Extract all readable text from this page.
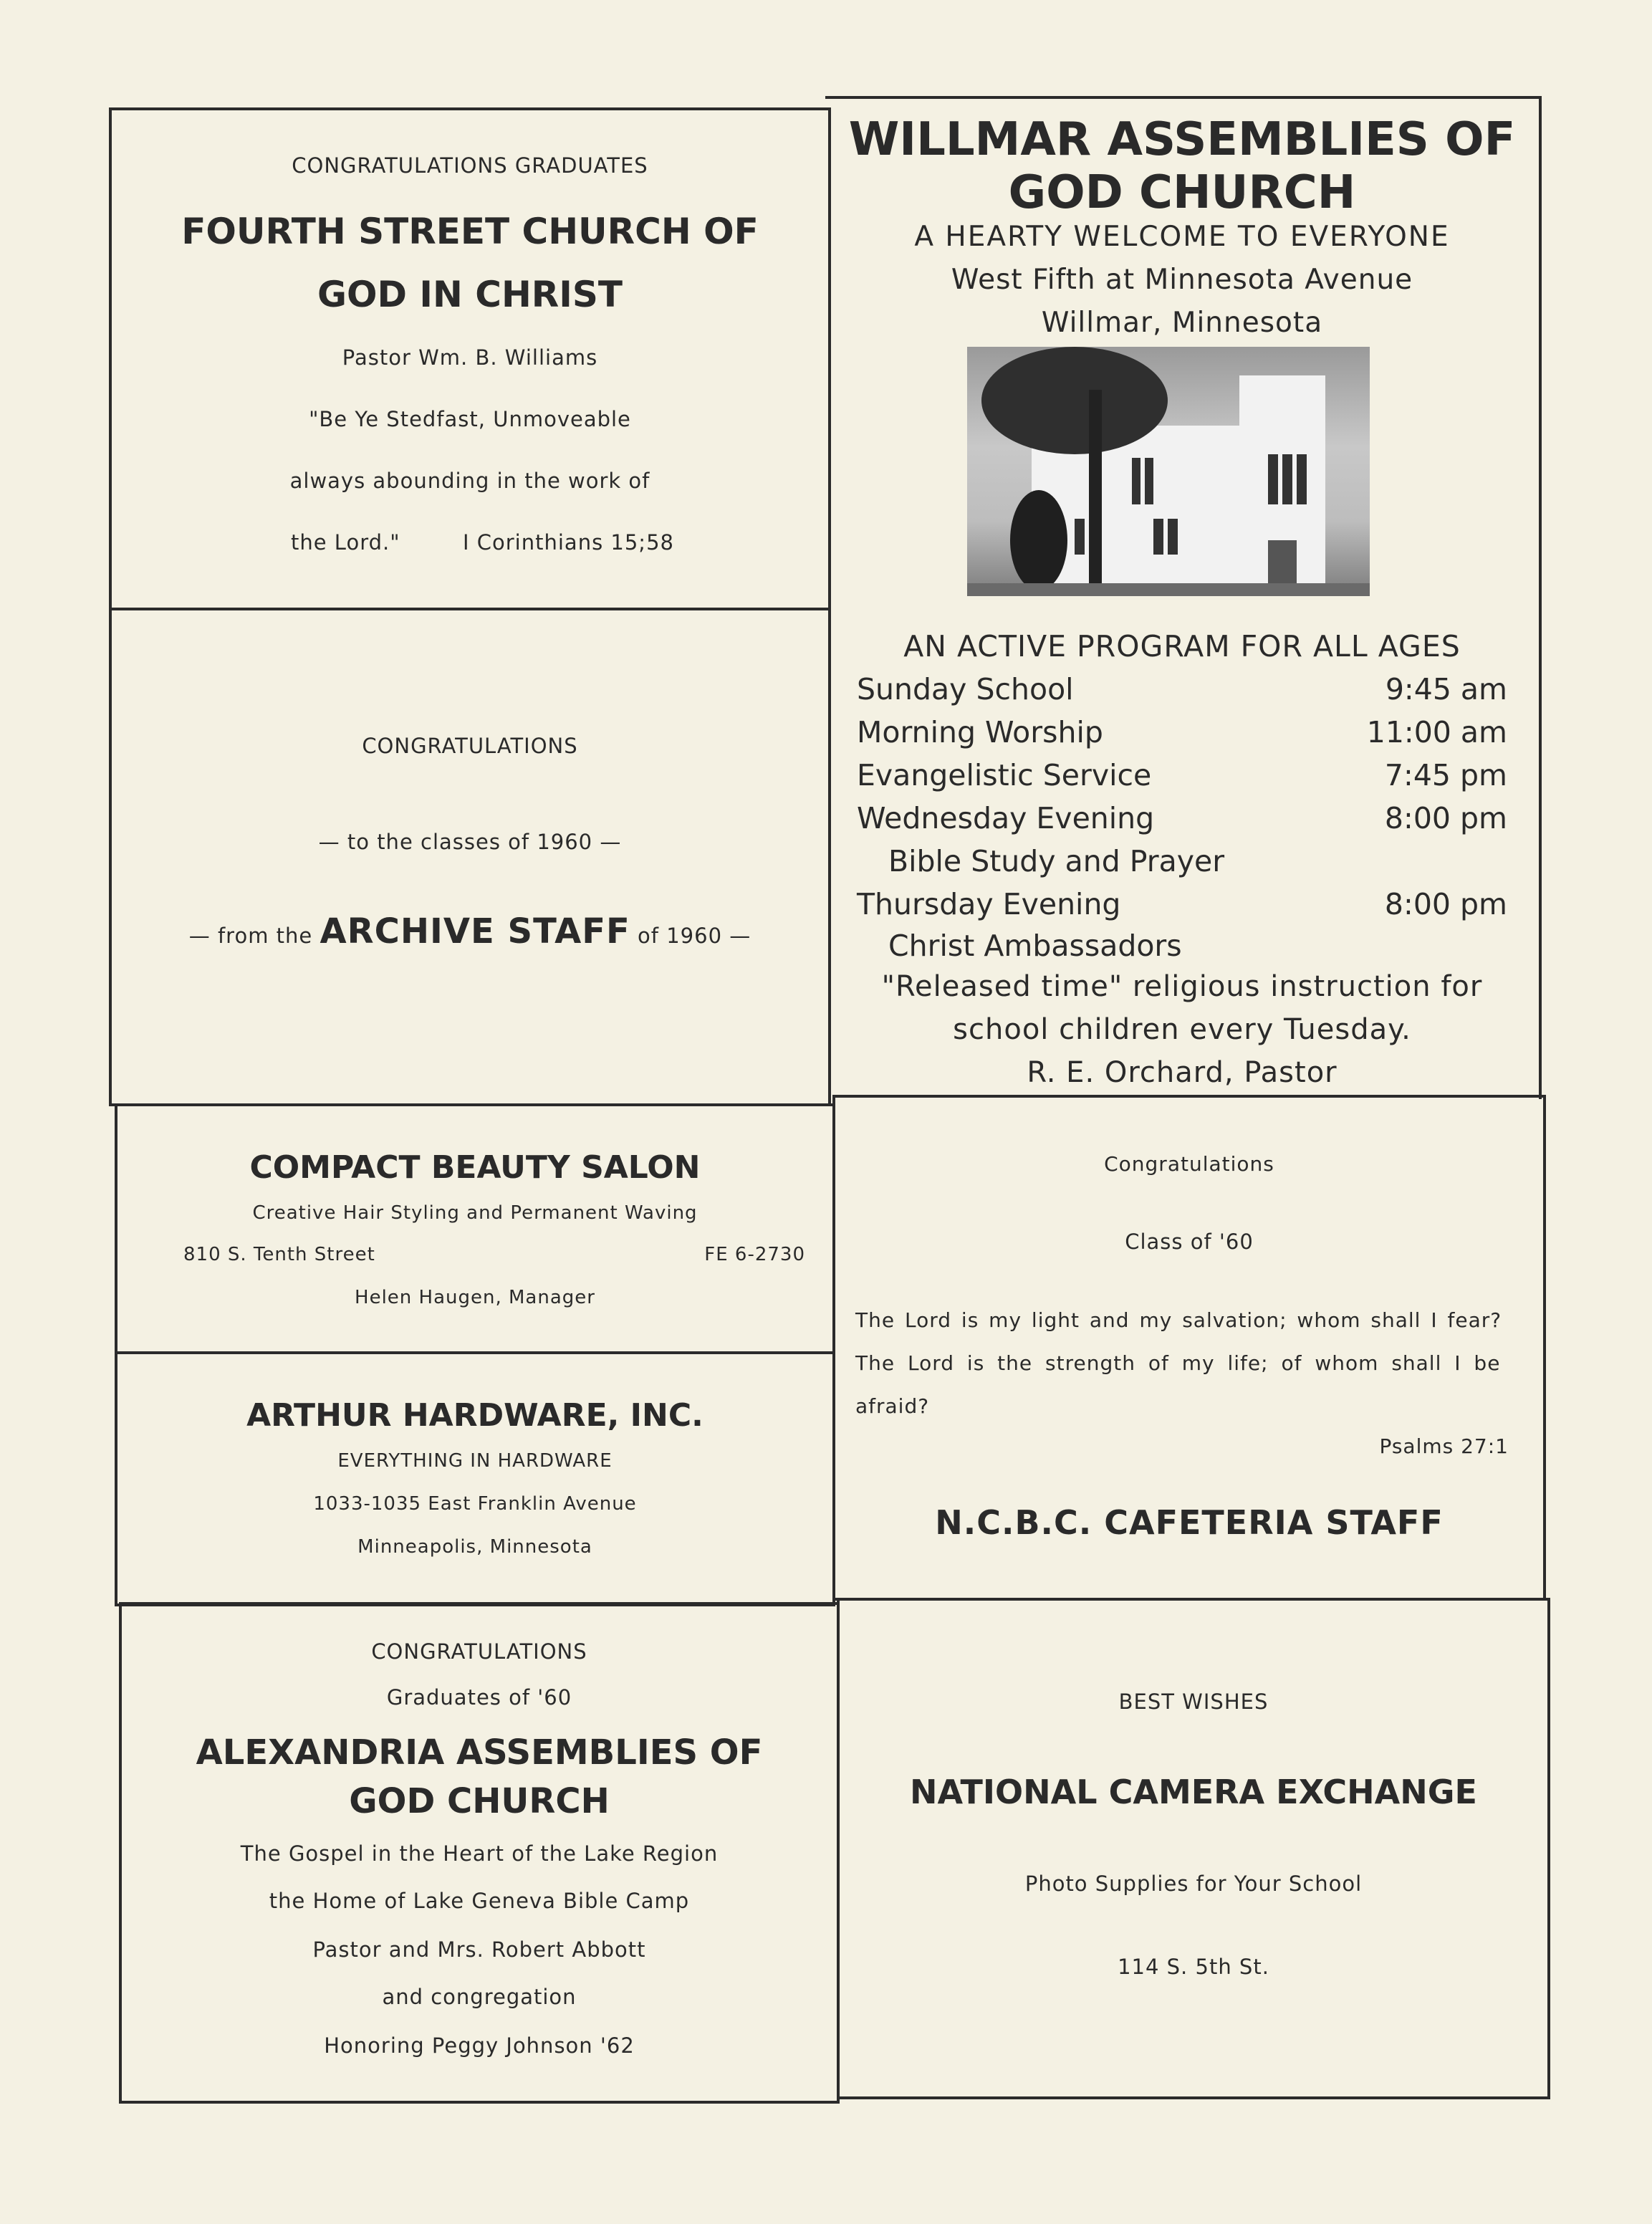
CONGRATULATIONS GRADUATES
FOURTH STREET CHURCH OF
GOD IN CHRIST
Pastor Wm. B. Williams
"Be Ye Stedfast, Unmoveable
always abounding in the work of
the Lord."	I Corinthians 15;58
CONGRATULATIONS
— to the classes of 1960 —
— from the ARCHIVE STAFF of 1960 —
WILLMAR ASSEMBLIES OF
GOD CHURCH
A HEARTY WELCOME TO EVERYONE
West Fifth at Minnesota Avenue
Willmar, Minnesota
AN ACTIVE PROGRAM FOR ALL AGES
Sunday School	9:45 am
Morning Worship	11:00 am
Evangelistic Service	7:45 pm
Wednesday Evening	8:00 pm
Bible Study and Prayer
Thursday Evening	8:00 pm
Christ Ambassadors
"Released time" religious instruction for
school children every Tuesday.
R. E. Orchard, Pastor
COMPACT BEAUTY SALON
Creative Hair Styling and Permanent Waving
810 S. Tenth Street	FE 6-2730
Helen Haugen, Manager
ARTHUR HARDWARE, INC.
EVERYTHING IN HARDWARE
1033-1035 East Franklin Avenue
Minneapolis, Minnesota
Congratulations
Class of '60
The Lord is my light and my salvation; whom shall I fear?
The Lord is the strength of my life; of whom shall I be
afraid?
Psalms 27:1
N.C.B.C. CAFETERIA STAFF
CONGRATULATIONS
Graduates of '60
ALEXANDRIA ASSEMBLIES OF
GOD CHURCH
The Gospel in the Heart of the Lake Region
the Home of Lake Geneva Bible Camp
Pastor and Mrs. Robert Abbott
and congregation
Honoring Peggy Johnson '62
BEST WISHES
NATIONAL CAMERA EXCHANGE
Photo Supplies for Your School
114 S. 5th St.
